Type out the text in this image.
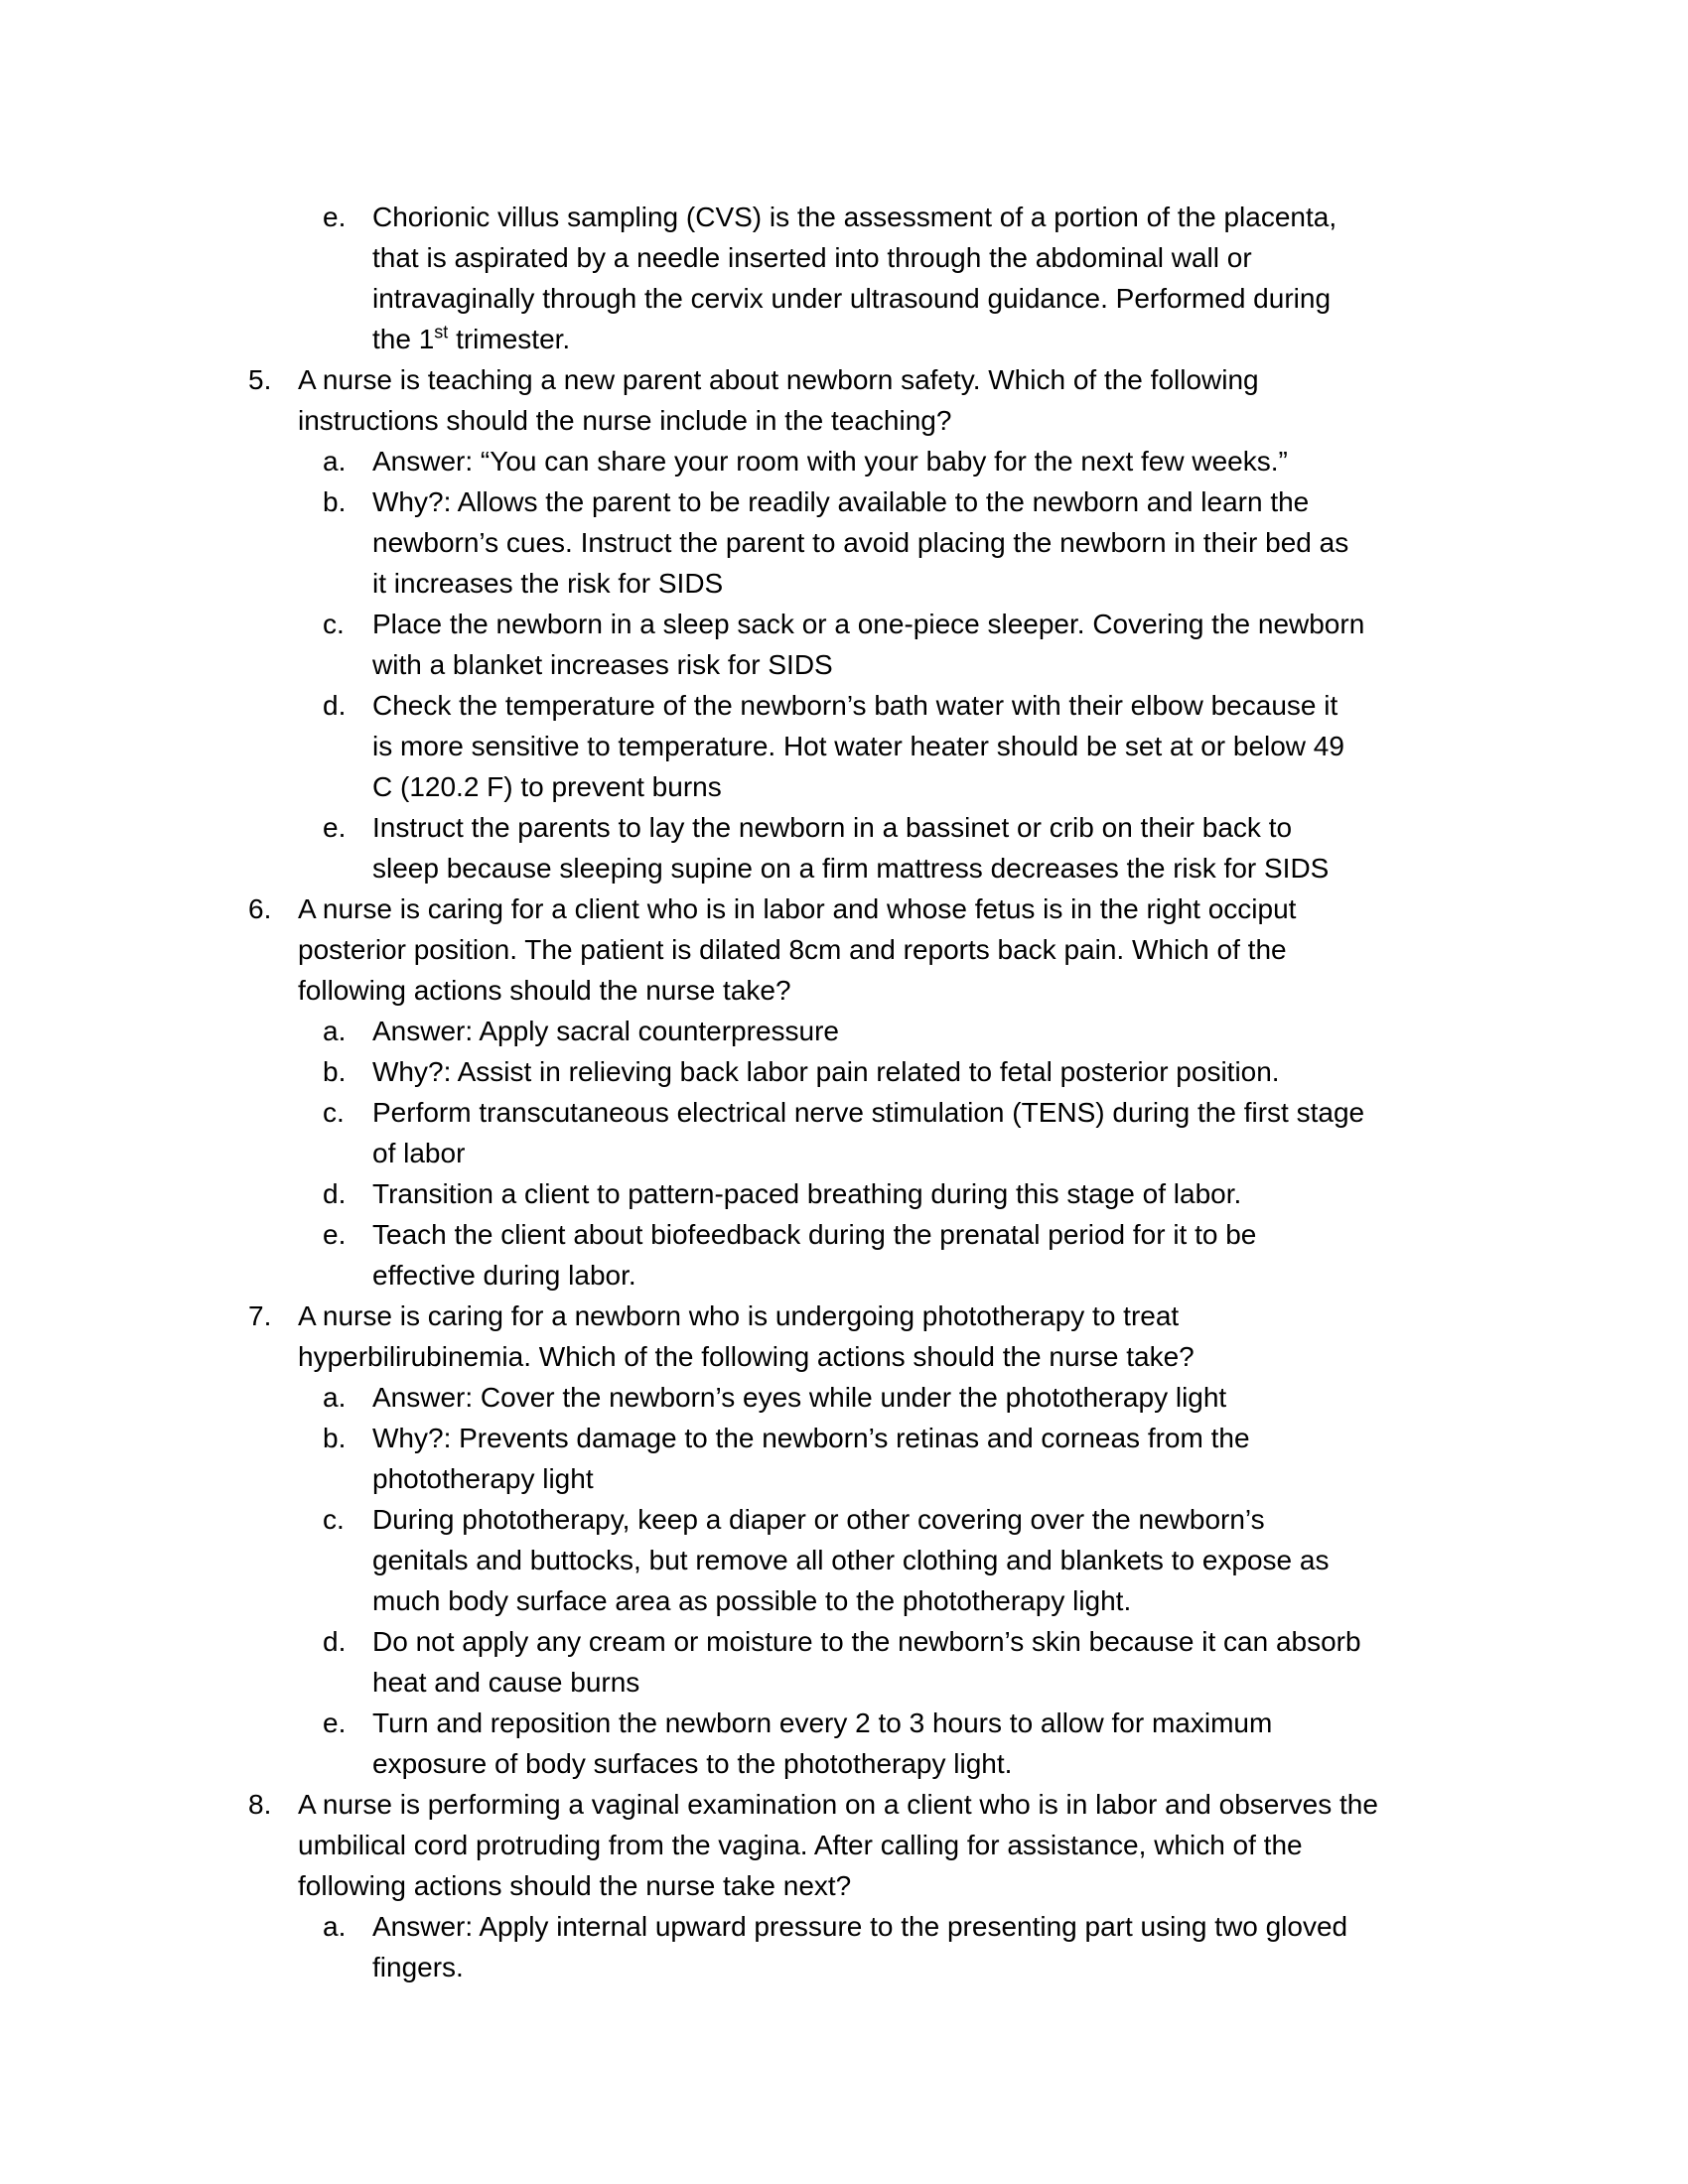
e. Chorionic villus sampling (CVS) is the assessment of a portion of the placenta,
that is aspirated by a needle inserted into through the abdominal wall or
intravaginally through the cervix under ultrasound guidance. Performed during
the 1st trimester.
5. A nurse is teaching a new parent about newborn safety. Which of the following
instructions should the nurse include in the teaching?
a. Answer: “You can share your room with your baby for the next few weeks.”
b. Why?: Allows the parent to be readily available to the newborn and learn the
newborn’s cues. Instruct the parent to avoid placing the newborn in their bed as
it increases the risk for SIDS
c. Place the newborn in a sleep sack or a one-piece sleeper. Covering the newborn
with a blanket increases risk for SIDS
d. Check the temperature of the newborn’s bath water with their elbow because it
is more sensitive to temperature. Hot water heater should be set at or below 49
C (120.2 F) to prevent burns
e. Instruct the parents to lay the newborn in a bassinet or crib on their back to
sleep because sleeping supine on a firm mattress decreases the risk for SIDS
6. A nurse is caring for a client who is in labor and whose fetus is in the right occiput
posterior position. The patient is dilated 8cm and reports back pain. Which of the
following actions should the nurse take?
a. Answer: Apply sacral counterpressure
b. Why?: Assist in relieving back labor pain related to fetal posterior position.
c. Perform transcutaneous electrical nerve stimulation (TENS) during the first stage
of labor
d. Transition a client to pattern-paced breathing during this stage of labor.
e. Teach the client about biofeedback during the prenatal period for it to be
effective during labor.
7. A nurse is caring for a newborn who is undergoing phototherapy to treat
hyperbilirubinemia. Which of the following actions should the nurse take?
a. Answer: Cover the newborn’s eyes while under the phototherapy light
b. Why?: Prevents damage to the newborn’s retinas and corneas from the
phototherapy light
c. During phototherapy, keep a diaper or other covering over the newborn’s
genitals and buttocks, but remove all other clothing and blankets to expose as
much body surface area as possible to the phototherapy light.
d. Do not apply any cream or moisture to the newborn’s skin because it can absorb
heat and cause burns
e. Turn and reposition the newborn every 2 to 3 hours to allow for maximum
exposure of body surfaces to the phototherapy light.
8. A nurse is performing a vaginal examination on a client who is in labor and observes the
umbilical cord protruding from the vagina. After calling for assistance, which of the
following actions should the nurse take next?
a. Answer: Apply internal upward pressure to the presenting part using two gloved
fingers.
